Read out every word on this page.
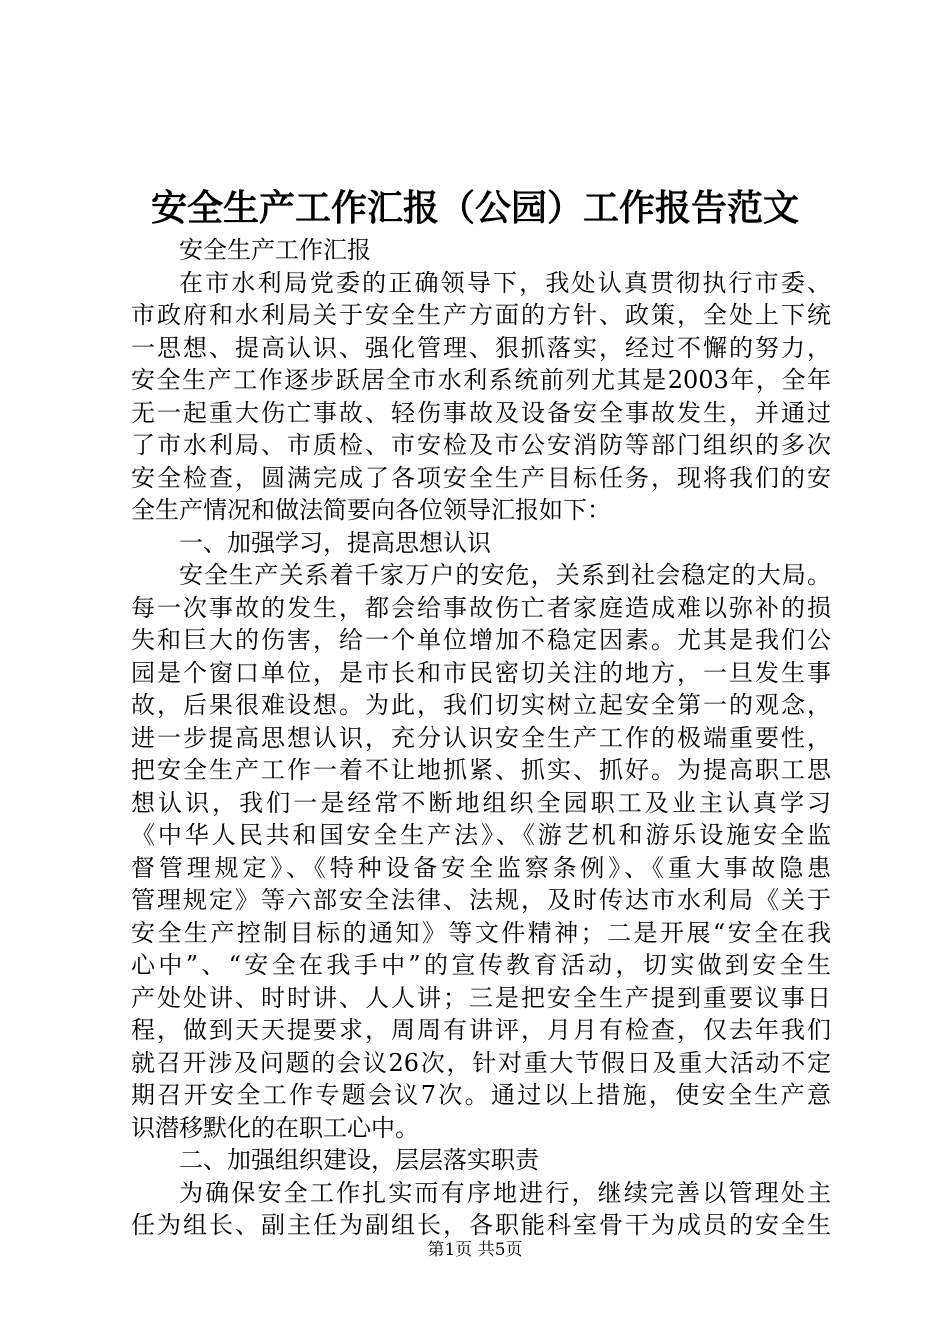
安全生产工作汇报（公园）工作报告范文
安全生产工作汇报
在市水利局党委的正确领导下，我处认真贯彻执行市委、
市政府和水利局关于安全生产方面的方针、政策，全处上下统
一思想、提高认识、强化管理、狠抓落实，经过不懈的努力，
安全生产工作逐步跃居全市水利系统前列尤其是2003年，全年
无一起重大伤亡事故、轻伤事故及设备安全事故发生，并通过
了市水利局、市质检、市安检及市公安消防等部门组织的多次
安全检查，圆满完成了各项安全生产目标任务，现将我们的安
全生产情况和做法简要向各位领导汇报如下：
一、加强学习，提高思想认识
安全生产关系着千家万户的安危，关系到社会稳定的大局。
每一次事故的发生，都会给事故伤亡者家庭造成难以弥补的损
失和巨大的伤害，给一个单位增加不稳定因素。尤其是我们公
园是个窗口单位，是市长和市民密切关注的地方，一旦发生事
故，后果很难设想。为此，我们切实树立起安全第一的观念，
进一步提高思想认识，充分认识安全生产工作的极端重要性，
把安全生产工作一着不让地抓紧、抓实、抓好。为提高职工思
想认识，我们一是经常不断地组织全园职工及业主认真学习
《中华人民共和国安全生产法》、《游艺机和游乐设施安全监
督管理规定》、《特种设备安全监察条例》、《重大事故隐患
管理规定》等六部安全法律、法规，及时传达市水利局《关于
安全生产控制目标的通知》等文件精神；二是开展“安全在我
心中”、“安全在我手中”的宣传教育活动，切实做到安全生
产处处讲、时时讲、人人讲；三是把安全生产提到重要议事日
程，做到天天提要求，周周有讲评，月月有检查，仅去年我们
就召开涉及问题的会议26次，针对重大节假日及重大活动不定
期召开安全工作专题会议7次。通过以上措施，使安全生产意
识潜移默化的在职工心中。
二、加强组织建设，层层落实职责
为确保安全工作扎实而有序地进行，继续完善以管理处主
任为组长、副主任为副组长，各职能科室骨干为成员的安全生
第1页 共5页
